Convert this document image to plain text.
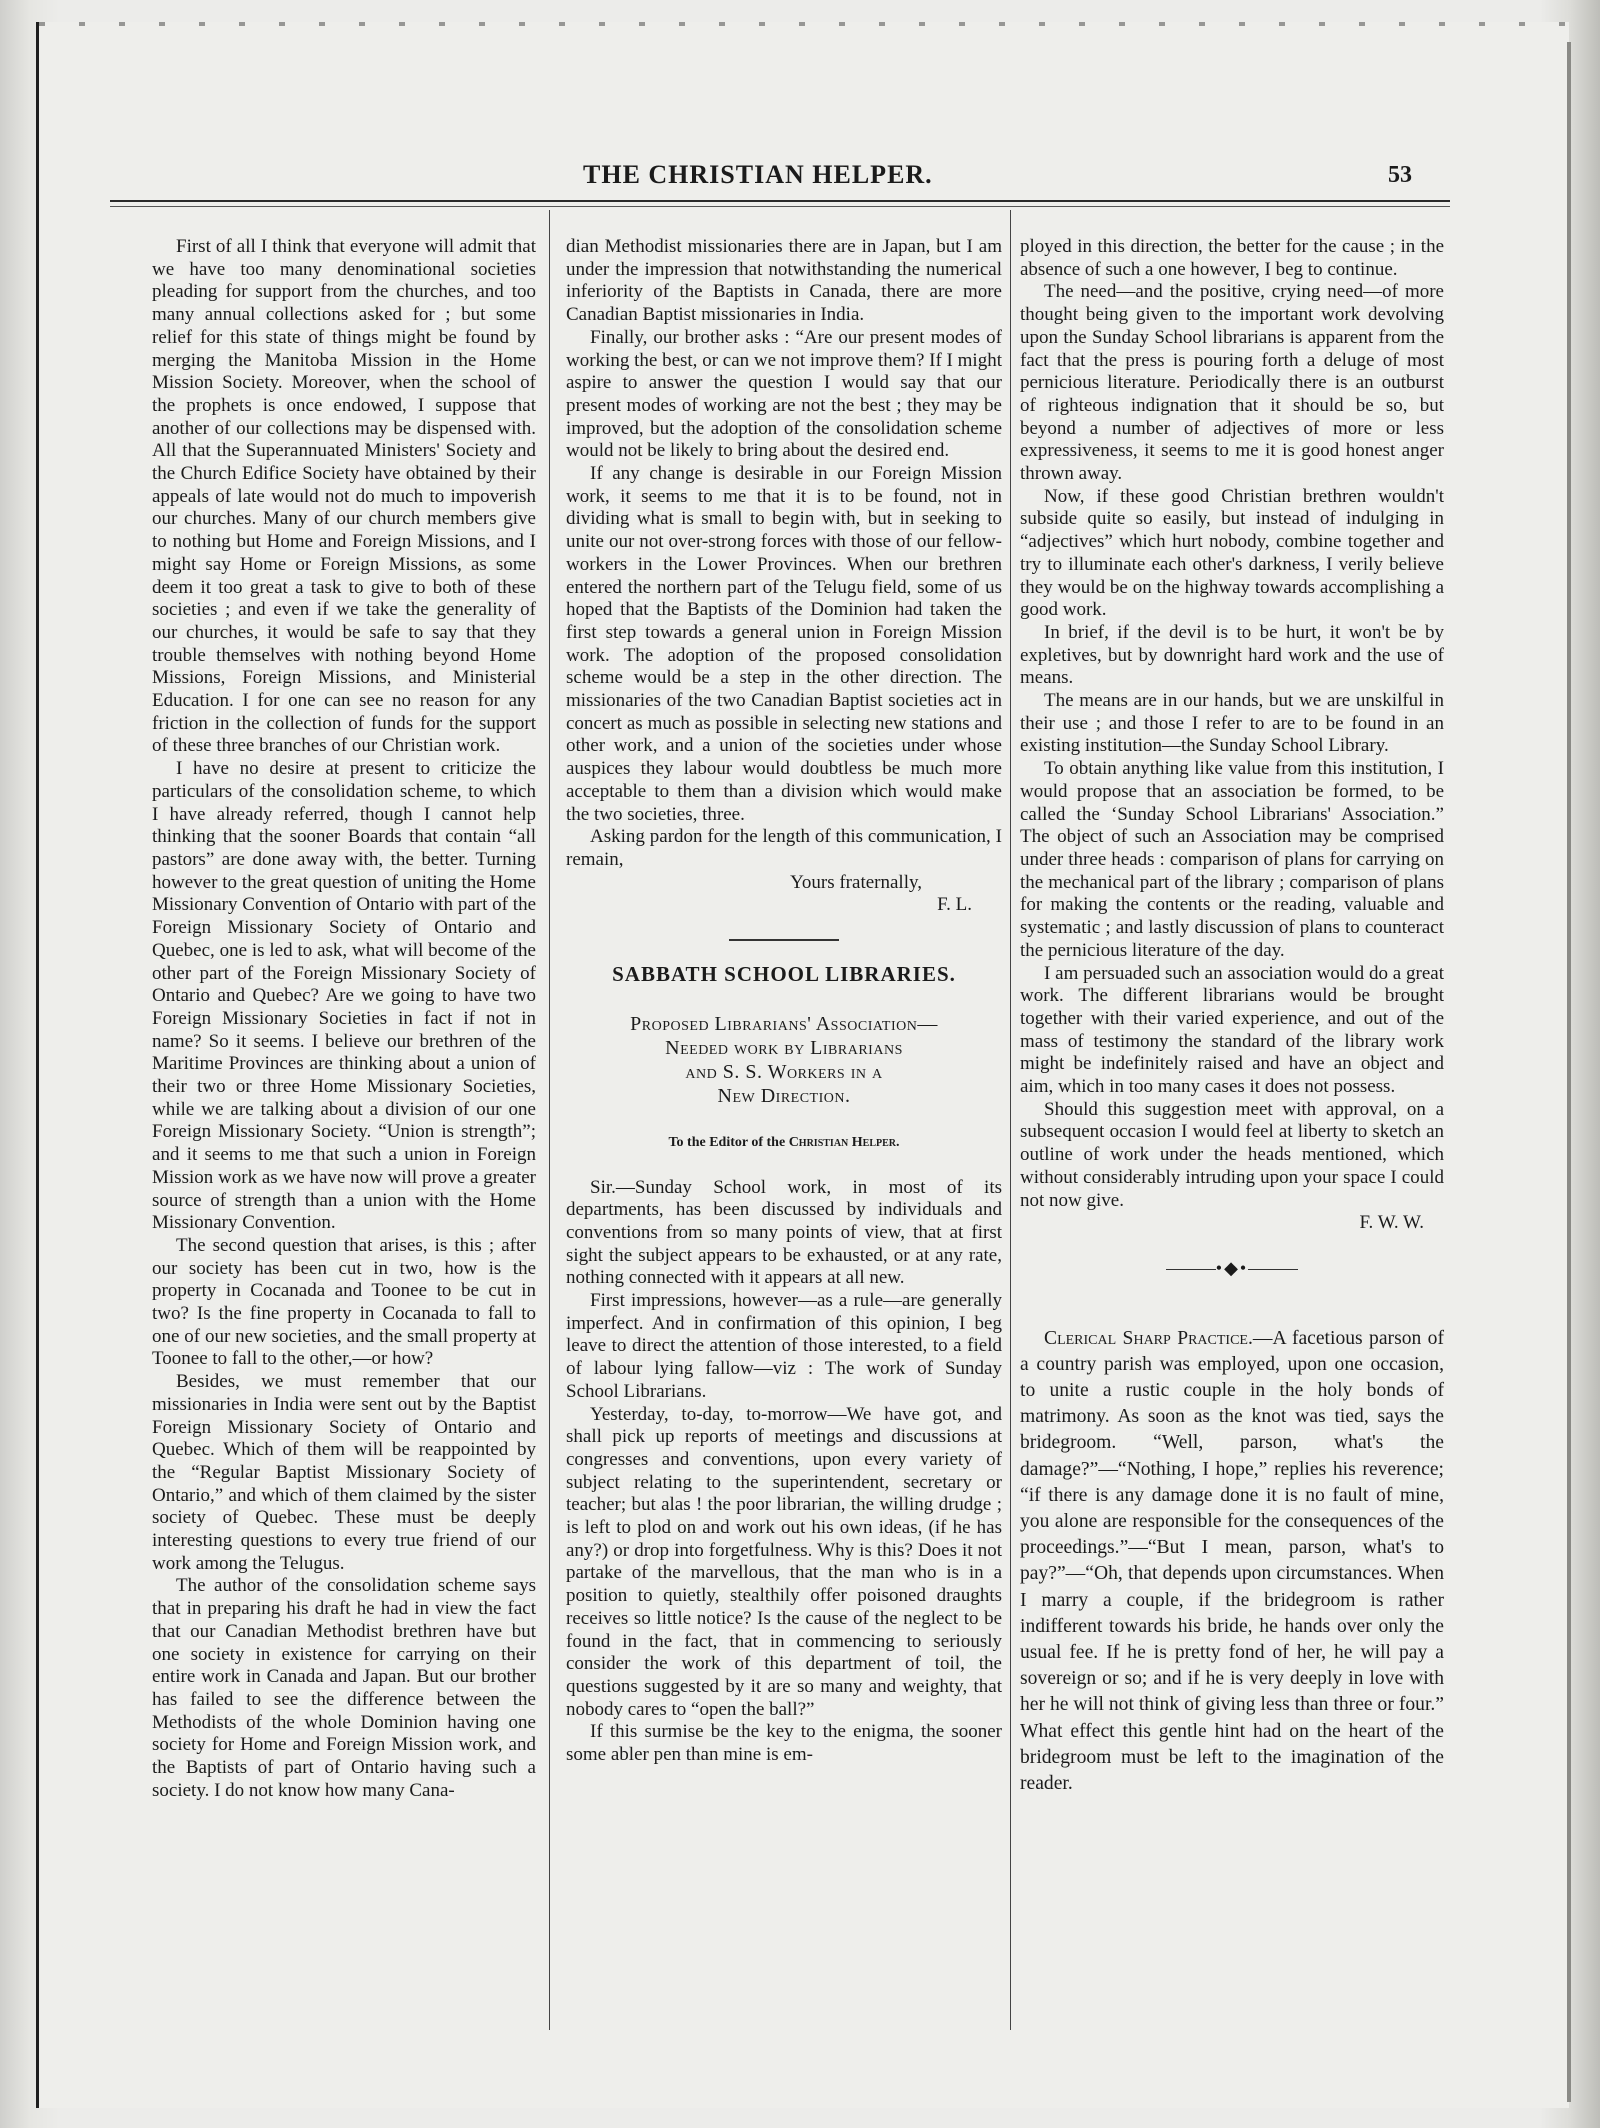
THE CHRISTIAN HELPER.	53

First of all I think that everyone will admit that we have too many denominational societies pleading for support from the churches, and too many annual collections asked for ; but some relief for this state of things might be found by merging the Manitoba Mission in the Home Mission Society. Moreover, when the school of the prophets is once endowed, I suppose that another of our collections may be dispensed with. All that the Superannuated Ministers' Society and the Church Edifice Society have obtained by their appeals of late would not do much to impoverish our churches. Many of our church members give to nothing but Home and Foreign Missions, and I might say Home or Foreign Missions, as some deem it too great a task to give to both of these societies ; and even if we take the generality of our churches, it would be safe to say that they trouble themselves with nothing beyond Home Missions, Foreign Missions, and Ministerial Education. I for one can see no reason for any friction in the collection of funds for the support of these three branches of our Christian work.

I have no desire at present to criticize the particulars of the consolidation scheme, to which I have already referred, though I cannot help thinking that the sooner Boards that contain “all pastors” are done away with, the better. Turning however to the great question of uniting the Home Missionary Convention of Ontario with part of the Foreign Missionary Society of Ontario and Quebec, one is led to ask, what will become of the other part of the Foreign Missionary Society of Ontario and Quebec? Are we going to have two Foreign Missionary Societies in fact if not in name? So it seems. I believe our brethren of the Maritime Provinces are thinking about a union of their two or three Home Missionary Societies, while we are talking about a division of our one Foreign Missionary Society. “Union is strength”; and it seems to me that such a union in Foreign Mission work as we have now will prove a greater source of strength than a union with the Home Missionary Convention.

The second question that arises, is this ; after our society has been cut in two, how is the property in Cocanada and Toonee to be cut in two? Is the fine property in Cocanada to fall to one of our new societies, and the small property at Toonee to fall to the other,—or how?

Besides, we must remember that our missionaries in India were sent out by the Baptist Foreign Missionary Society of Ontario and Quebec. Which of them will be reappointed by the “Regular Baptist Missionary Society of Ontario,” and which of them claimed by the sister society of Quebec. These must be deeply interesting questions to every true friend of our work among the Telugus.

The author of the consolidation scheme says that in preparing his draft he had in view the fact that our Canadian Methodist brethren have but one society in existence for carrying on their entire work in Canada and Japan. But our brother has failed to see the difference between the Methodists of the whole Dominion having one society for Home and Foreign Mission work, and the Baptists of part of Ontario having such a society. I do not know how many Cana-

dian Methodist missionaries there are in Japan, but I am under the impression that notwithstanding the numerical inferiority of the Baptists in Canada, there are more Canadian Baptist missionaries in India.

Finally, our brother asks : “Are our present modes of working the best, or can we not improve them? If I might aspire to answer the question I would say that our present modes of working are not the best ; they may be improved, but the adoption of the consolidation scheme would not be likely to bring about the desired end.

If any change is desirable in our Foreign Mission work, it seems to me that it is to be found, not in dividing what is small to begin with, but in seeking to unite our not over-strong forces with those of our fellow-workers in the Lower Provinces. When our brethren entered the northern part of the Telugu field, some of us hoped that the Baptists of the Dominion had taken the first step towards a general union in Foreign Mission work. The adoption of the proposed consolidation scheme would be a step in the other direction. The missionaries of the two Canadian Baptist societies act in concert as much as possible in selecting new stations and other work, and a union of the societies under whose auspices they labour would doubtless be much more acceptable to them than a division which would make the two societies, three.

Asking pardon for the length of this communication, I remain,

Yours fraternally,
F. L.
SABBATH SCHOOL LIBRARIES.
Proposed Librarians' Association—
Needed work by Librarians
and S. S. Workers in a
New Direction.
To the Editor of the Christian Helper.

Sir.—Sunday School work, in most of its departments, has been discussed by individuals and conventions from so many points of view, that at first sight the subject appears to be exhausted, or at any rate, nothing connected with it appears at all new.

First impressions, however—as a rule—are generally imperfect. And in confirmation of this opinion, I beg leave to direct the attention of those interested, to a field of labour lying fallow—viz : The work of Sunday School Librarians.

Yesterday, to-day, to-morrow—We have got, and shall pick up reports of meetings and discussions at congresses and conventions, upon every variety of subject relating to the superintendent, secretary or teacher; but alas ! the poor librarian, the willing drudge ; is left to plod on and work out his own ideas, (if he has any?) or drop into forgetfulness. Why is this? Does it not partake of the marvellous, that the man who is in a position to quietly, stealthily offer poisoned draughts receives so little notice? Is the cause of the neglect to be found in the fact, that in commencing to seriously consider the work of this department of toil, the questions suggested by it are so many and weighty, that nobody cares to “open the ball?”

If this surmise be the key to the enigma, the sooner some abler pen than mine is em-

ployed in this direction, the better for the cause ; in the absence of such a one however, I beg to continue.

The need—and the positive, crying need—of more thought being given to the important work devolving upon the Sunday School librarians is apparent from the fact that the press is pouring forth a deluge of most pernicious literature. Periodically there is an outburst of righteous indignation that it should be so, but beyond a number of adjectives of more or less expressiveness, it seems to me it is good honest anger thrown away.

Now, if these good Christian brethren wouldn't subside quite so easily, but instead of indulging in “adjectives” which hurt nobody, combine together and try to illuminate each other's darkness, I verily believe they would be on the highway towards accomplishing a good work.

In brief, if the devil is to be hurt, it won't be by expletives, but by downright hard work and the use of means.

The means are in our hands, but we are unskilful in their use ; and those I refer to are to be found in an existing institution—the Sunday School Library.

To obtain anything like value from this institution, I would propose that an association be formed, to be called the ‘Sunday School Librarians' Association.” The object of such an Association may be comprised under three heads : comparison of plans for carrying on the mechanical part of the library ; comparison of plans for making the contents or the reading, valuable and systematic ; and lastly discussion of plans to counteract the pernicious literature of the day.

I am persuaded such an association would do a great work. The different librarians would be brought together with their varied experience, and out of the mass of testimony the standard of the library work might be indefinitely raised and have an object and aim, which in too many cases it does not possess.

Should this suggestion meet with approval, on a subsequent occasion I would feel at liberty to sketch an outline of work under the heads mentioned, which without considerably intruding upon your space I could not now give.

F. W. W.
•◆•

Clerical Sharp Practice.—A facetious parson of a country parish was employed, upon one occasion, to unite a rustic couple in the holy bonds of matrimony. As soon as the knot was tied, says the bridegroom. “Well, parson, what's the damage?”—“Nothing, I hope,” replies his reverence; “if there is any damage done it is no fault of mine, you alone are responsible for the consequences of the proceedings.”—“But I mean, parson, what's to pay?”—“Oh, that depends upon circumstances. When I marry a couple, if the bridegroom is rather indifferent towards his bride, he hands over only the usual fee. If he is pretty fond of her, he will pay a sovereign or so; and if he is very deeply in love with her he will not think of giving less than three or four.” What effect this gentle hint had on the heart of the bridegroom must be left to the imagination of the reader.
